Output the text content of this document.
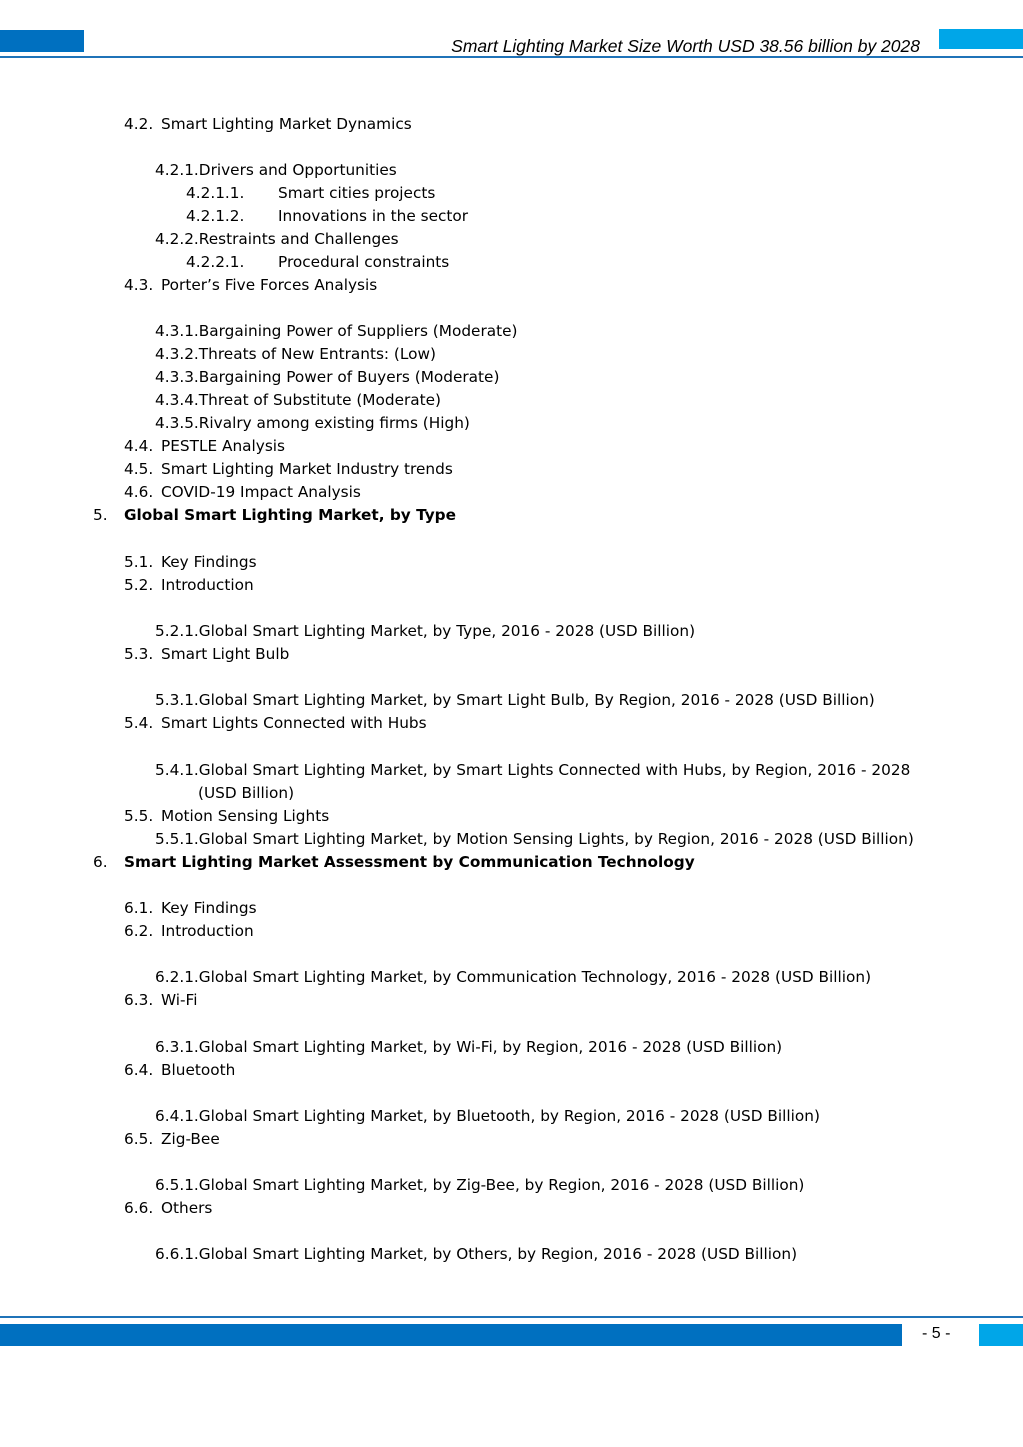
Smart Lighting Market Size Worth USD 38.56 billion by 2028
4.2. Smart Lighting Market Dynamics
4.2.1.Drivers and Opportunities
4.2.1.1. Smart cities projects
4.2.1.2. Innovations in the sector
4.2.2.Restraints and Challenges
4.2.2.1. Procedural constraints
4.3. Porter’s Five Forces Analysis
4.3.1.Bargaining Power of Suppliers (Moderate)
4.3.2.Threats of New Entrants: (Low)
4.3.3.Bargaining Power of Buyers (Moderate)
4.3.4.Threat of Substitute (Moderate)
4.3.5.Rivalry among existing firms (High)
4.4. PESTLE Analysis
4.5. Smart Lighting Market Industry trends
4.6. COVID-19 Impact Analysis
5. Global Smart Lighting Market, by Type
5.1. Key Findings
5.2. Introduction
5.2.1.Global Smart Lighting Market, by Type, 2016 - 2028 (USD Billion)
5.3. Smart Light Bulb
5.3.1.Global Smart Lighting Market, by Smart Light Bulb, By Region, 2016 - 2028 (USD Billion)
5.4. Smart Lights Connected with Hubs
5.4.1.Global Smart Lighting Market, by Smart Lights Connected with Hubs, by Region, 2016 - 2028
(USD Billion)
5.5. Motion Sensing Lights
5.5.1.Global Smart Lighting Market, by Motion Sensing Lights, by Region, 2016 - 2028 (USD Billion)
6. Smart Lighting Market Assessment by Communication Technology
6.1. Key Findings
6.2. Introduction
6.2.1.Global Smart Lighting Market, by Communication Technology, 2016 - 2028 (USD Billion)
6.3. Wi-Fi
6.3.1.Global Smart Lighting Market, by Wi-Fi, by Region, 2016 - 2028 (USD Billion)
6.4. Bluetooth
6.4.1.Global Smart Lighting Market, by Bluetooth, by Region, 2016 - 2028 (USD Billion)
6.5. Zig-Bee
6.5.1.Global Smart Lighting Market, by Zig-Bee, by Region, 2016 - 2028 (USD Billion)
6.6. Others
6.6.1.Global Smart Lighting Market, by Others, by Region, 2016 - 2028 (USD Billion)
- 5 -
